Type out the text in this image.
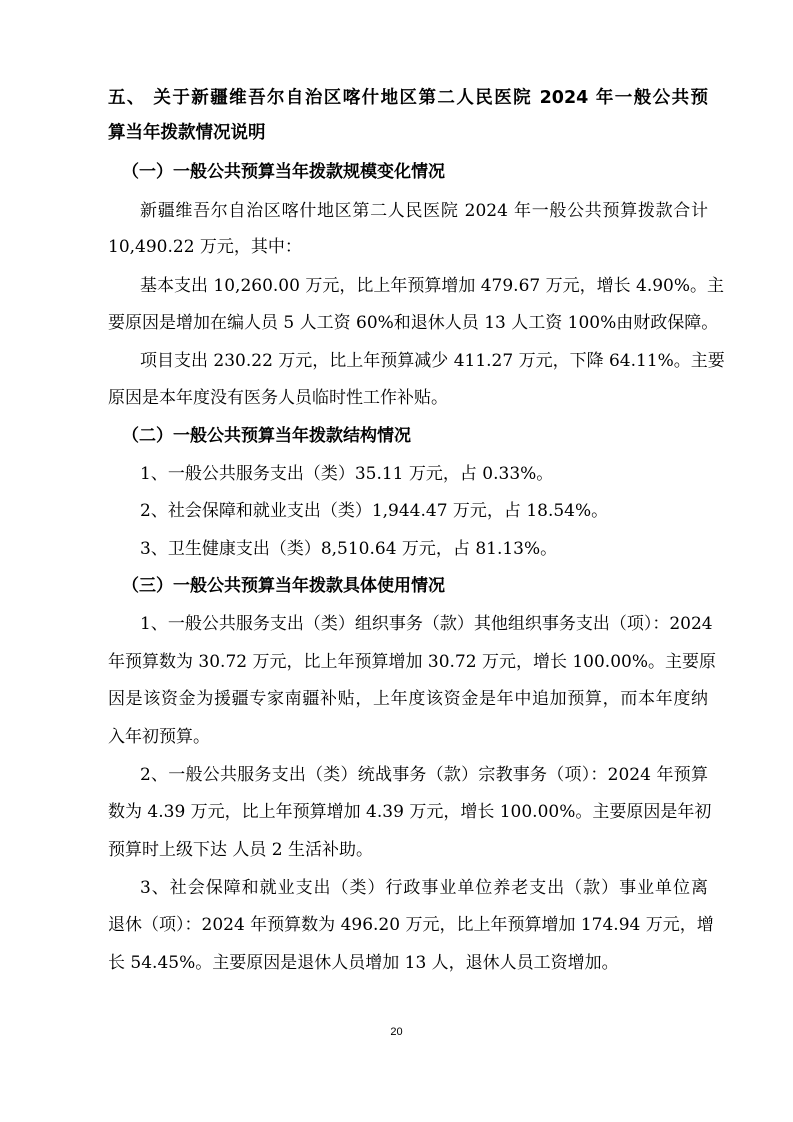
五、 关于新疆维吾尔自治区喀什地区第二人民医院 2024 年一般公共预
算当年拨款情况说明
（一）一般公共预算当年拨款规模变化情况
新疆维吾尔自治区喀什地区第二人民医院 2024 年一般公共预算拨款合计
10,490.22 万元，其中：
基本支出 10,260.00 万元，比上年预算增加 479.67 万元，增长 4.90%。主
要原因是增加在编人员 5 人工资 60%和退休人员 13 人工资 100%由财政保障。
项目支出 230.22 万元，比上年预算减少 411.27 万元，下降 64.11%。主要
原因是本年度没有医务人员临时性工作补贴。
（二）一般公共预算当年拨款结构情况
1、一般公共服务支出（类）35.11 万元，占 0.33%。
2、社会保障和就业支出（类）1,944.47 万元，占 18.54%。
3、卫生健康支出（类）8,510.64 万元，占 81.13%。
（三）一般公共预算当年拨款具体使用情况
1、一般公共服务支出（类）组织事务（款）其他组织事务支出（项）：2024
年预算数为 30.72 万元，比上年预算增加 30.72 万元，增长 100.00%。主要原
因是该资金为援疆专家南疆补贴，上年度该资金是年中追加预算，而本年度纳
入年初预算。
2、一般公共服务支出（类）统战事务（款）宗教事务（项）：2024 年预算
数为 4.39 万元，比上年预算增加 4.39 万元，增长 100.00%。主要原因是年初
预算时上级下达 人员 2 生活补助。
3、社会保障和就业支出（类）行政事业单位养老支出（款）事业单位离
退休（项）：2024 年预算数为 496.20 万元，比上年预算增加 174.94 万元，增
长 54.45%。主要原因是退休人员增加 13 人，退休人员工资增加。
20
